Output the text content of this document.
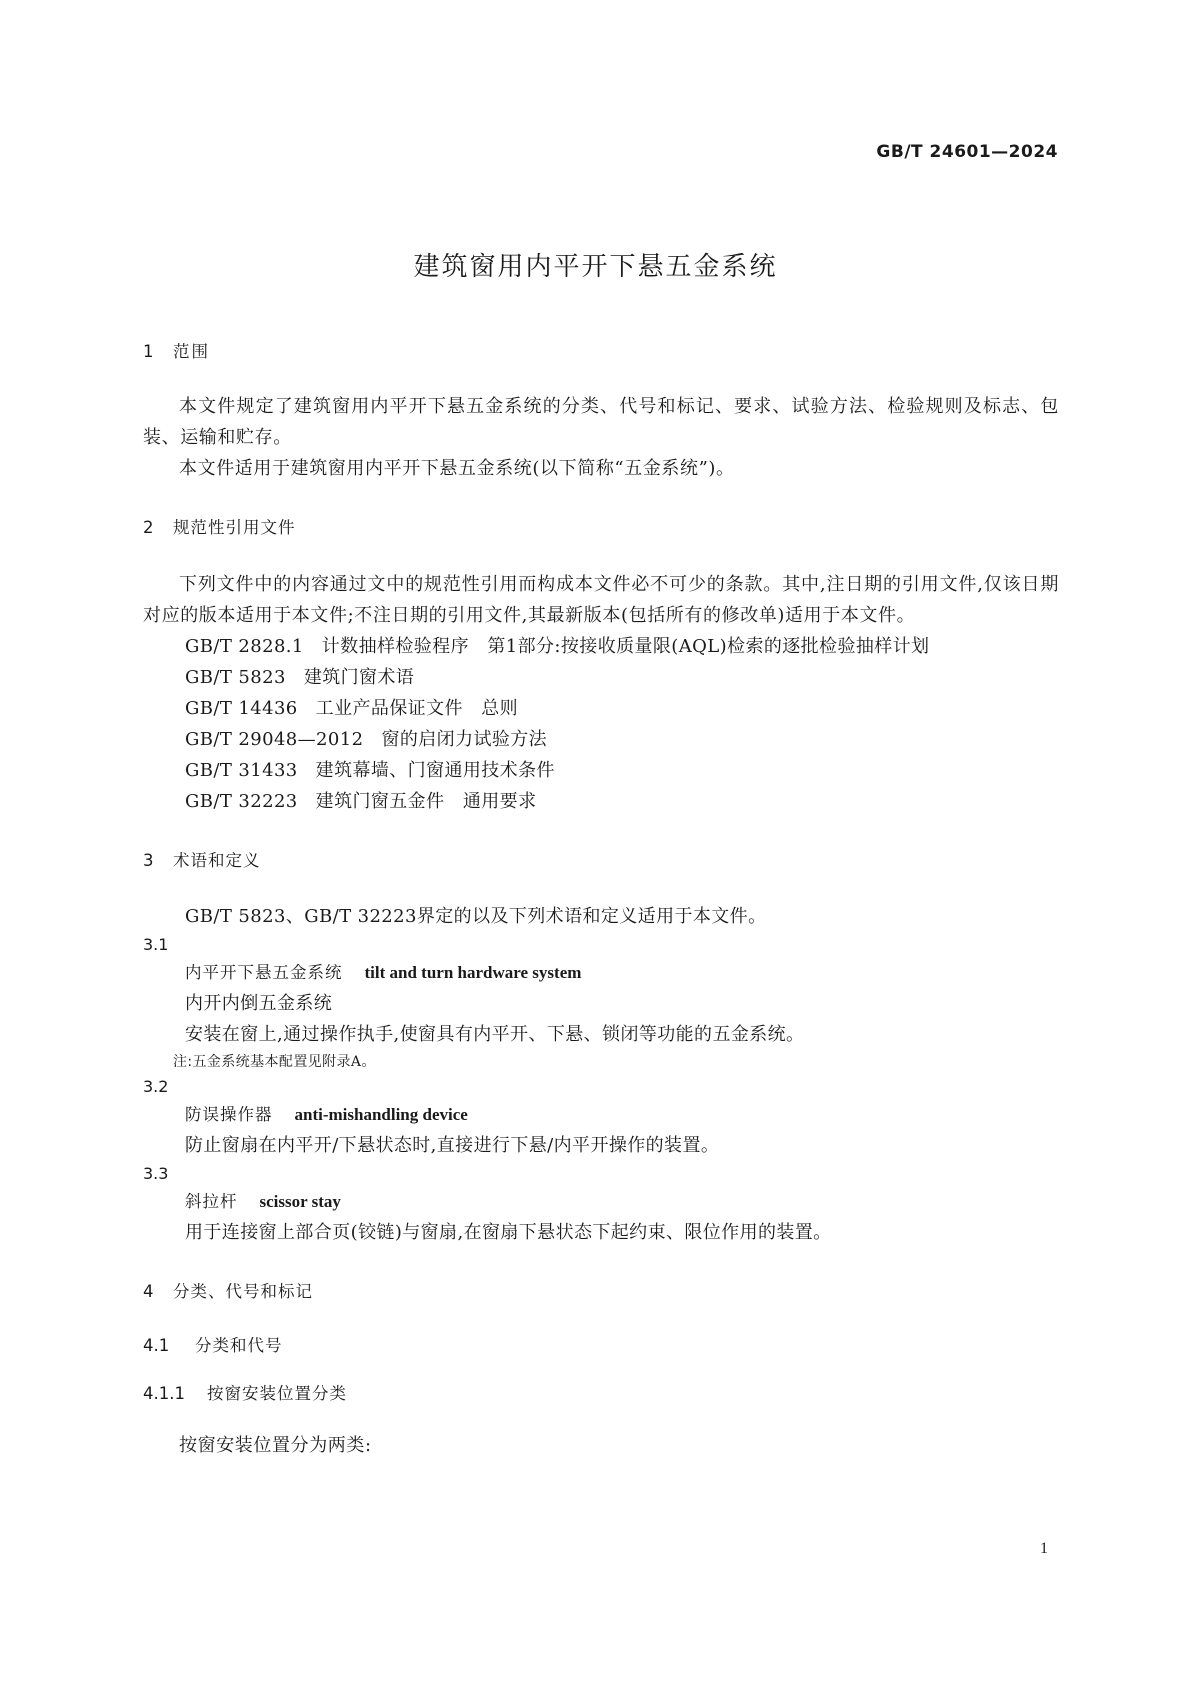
GB/T 24601—2024
建筑窗用内平开下悬五金系统
1	范围
本文件规定了建筑窗用内平开下悬五金系统的分类、代号和标记、要求、试验方法、检验规则及标志、包装、运输和贮存。
本文件适用于建筑窗用内平开下悬五金系统(以下简称“五金系统”)。
2	规范性引用文件
下列文件中的内容通过文中的规范性引用而构成本文件必不可少的条款。其中,注日期的引用文件,仅该日期对应的版本适用于本文件;不注日期的引用文件,其最新版本(包括所有的修改单)适用于本文件。
GB/T 2828.1 计数抽样检验程序　第1部分:按接收质量限(AQL)检索的逐批检验抽样计划
GB/T 5823 建筑门窗术语
GB/T 14436 工业产品保证文件　总则
GB/T 29048—2012 窗的启闭力试验方法
GB/T 31433 建筑幕墙、门窗通用技术条件
GB/T 32223 建筑门窗五金件　通用要求
3	术语和定义
GB/T 5823、GB/T 32223界定的以及下列术语和定义适用于本文件。
3.1
内平开下悬五金系统 tilt and turn hardware system
内开内倒五金系统
安装在窗上,通过操作执手,使窗具有内平开、下悬、锁闭等功能的五金系统。
注:五金系统基本配置见附录A。
3.2
防误操作器 anti-mishandling device
防止窗扇在内平开/下悬状态时,直接进行下悬/内平开操作的装置。
3.3
斜拉杆 scissor stay
用于连接窗上部合页(铰链)与窗扇,在窗扇下悬状态下起约束、限位作用的装置。
4	分类、代号和标记
4.1	分类和代号
4.1.1	按窗安装位置分类
按窗安装位置分为两类:
1
